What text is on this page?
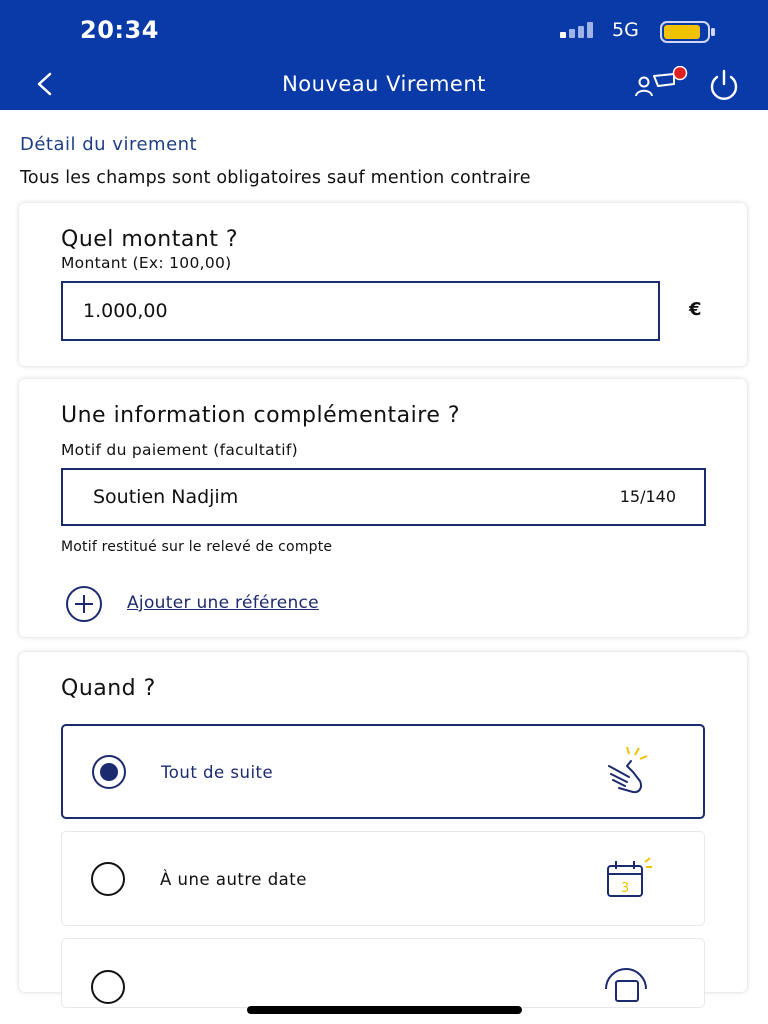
20:34	5G
Nouveau Virement
Détail du virement
Tous les champs sont obligatoires sauf mention contraire
Quel montant ?
Montant (Ex: 100,00)
1.000,00	€
Une information complémentaire ?
Motif du paiement (facultatif)
Soutien Nadjim	15/140
Motif restitué sur le relevé de compte
Ajouter une référence
Quand ?
Tout de suite
À une autre date	3
